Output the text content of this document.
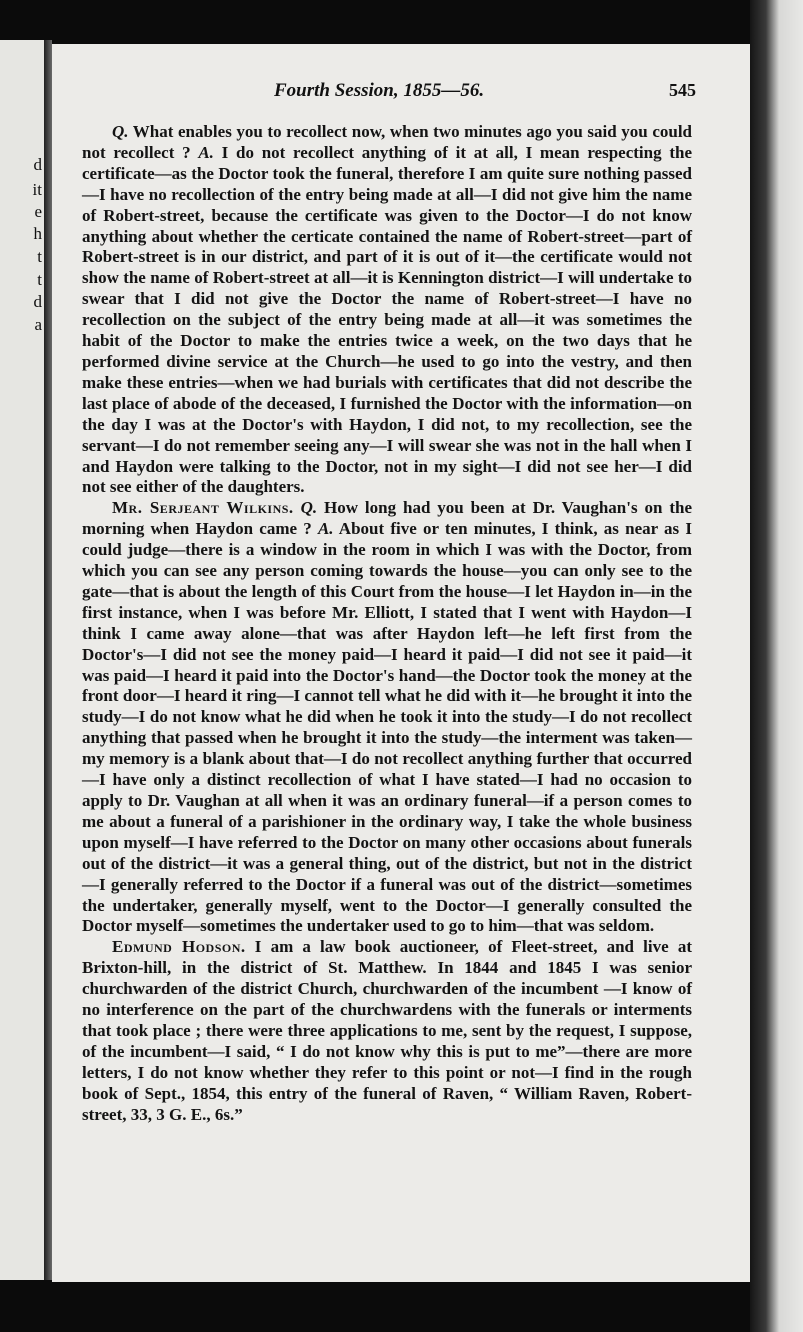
d
it
e
h
t
t
d
a
Fourth Session, 1855—56.	545

Q. What enables you to recollect now, when two minutes ago you said you could not recollect ? A. I do not recollect anything of it at all, I mean respecting the certificate—as the Doctor took the funeral, therefore I am quite sure nothing passed—I have no recollection of the entry being made at all—I did not give him the name of Robert-street, because the certificate was given to the Doctor—I do not know anything about whether the certicate contained the name of Robert-street—part of Robert-street is in our district, and part of it is out of it—the certificate would not show the name of Robert-street at all—it is Kennington district—I will undertake to swear that I did not give the Doctor the name of Robert-street—I have no recollection on the subject of the entry being made at all—it was sometimes the habit of the Doctor to make the entries twice a week, on the two days that he performed divine service at the Church—he used to go into the vestry, and then make these entries—when we had burials with certificates that did not describe the last place of abode of the deceased, I furnished the Doctor with the information—on the day I was at the Doctor's with Haydon, I did not, to my recollection, see the servant—I do not remember seeing any—I will swear she was not in the hall when I and Haydon were talking to the Doctor, not in my sight—I did not see her—I did not see either of the daughters.

Mr. Serjeant Wilkins. Q. How long had you been at Dr. Vaughan's on the morning when Haydon came ? A. About five or ten minutes, I think, as near as I could judge—there is a window in the room in which I was with the Doctor, from which you can see any person coming towards the house—you can only see to the gate—that is about the length of this Court from the house—I let Haydon in—in the first instance, when I was before Mr. Elliott, I stated that I went with Haydon—I think I came away alone—that was after Haydon left—he left first from the Doctor's—I did not see the money paid—I heard it paid—I did not see it paid—it was paid—I heard it paid into the Doctor's hand—the Doctor took the money at the front door—I heard it ring—I cannot tell what he did with it—he brought it into the study—I do not know what he did when he took it into the study—I do not recollect anything that passed when he brought it into the study—the interment was taken—my memory is a blank about that—I do not recollect anything further that occurred—I have only a distinct recollection of what I have stated—I had no occasion to apply to Dr. Vaughan at all when it was an ordinary funeral—if a person comes to me about a funeral of a parishioner in the ordinary way, I take the whole business upon myself—I have referred to the Doctor on many other occasions about funerals out of the district—it was a general thing, out of the district, but not in the district—I generally referred to the Doctor if a funeral was out of the district—sometimes the undertaker, generally myself, went to the Doctor—I generally consulted the Doctor myself—sometimes the undertaker used to go to him—that was seldom.

Edmund Hodson. I am a law book auctioneer, of Fleet-street, and live at Brixton-hill, in the district of St. Matthew. In 1844 and 1845 I was senior churchwarden of the district Church, churchwarden of the incumbent —I know of no interference on the part of the churchwardens with the funerals or interments that took place ; there were three applications to me, sent by the request, I suppose, of the incumbent—I said, “ I do not know why this is put to me”—there are more letters, I do not know whether they refer to this point or not—I find in the rough book of Sept., 1854, this entry of the funeral of Raven, “ William Raven, Robert-street, 33, 3 G. E., 6s.”
